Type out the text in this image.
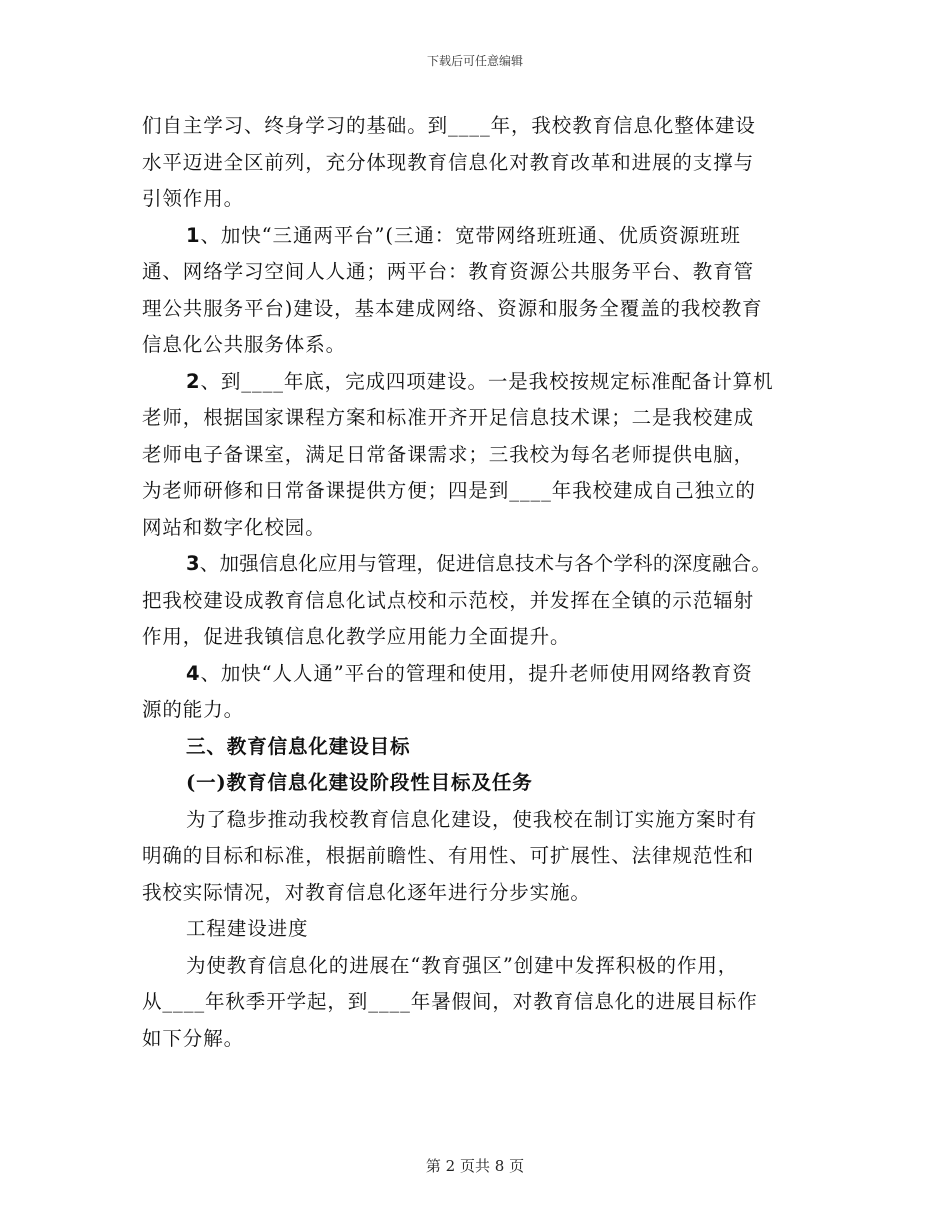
下载后可任意编辑
们自主学习、终身学习的基础。到____年，我校教育信息化整体建设
水平迈进全区前列，充分体现教育信息化对教育改革和进展的支撑与
引领作用。
1、加快“三通两平台”(三通：宽带网络班班通、优质资源班班
通、网络学习空间人人通；两平台：教育资源公共服务平台、教育管
理公共服务平台)建设，基本建成网络、资源和服务全覆盖的我校教育
信息化公共服务体系。
2、到____年底，完成四项建设。一是我校按规定标准配备计算机
老师，根据国家课程方案和标准开齐开足信息技术课；二是我校建成
老师电子备课室，满足日常备课需求；三我校为每名老师提供电脑，
为老师研修和日常备课提供方便；四是到____年我校建成自己独立的
网站和数字化校园。
3、加强信息化应用与管理，促进信息技术与各个学科的深度融合。
把我校建设成教育信息化试点校和示范校，并发挥在全镇的示范辐射
作用，促进我镇信息化教学应用能力全面提升。
4、加快“人人通”平台的管理和使用，提升老师使用网络教育资
源的能力。
三、教育信息化建设目标
(一)教育信息化建设阶段性目标及任务
为了稳步推动我校教育信息化建设，使我校在制订实施方案时有
明确的目标和标准，根据前瞻性、有用性、可扩展性、法律规范性和
我校实际情况，对教育信息化逐年进行分步实施。
工程建设进度
为使教育信息化的进展在“教育强区”创建中发挥积极的作用，
从____年秋季开学起，到____年暑假间，对教育信息化的进展目标作
如下分解。
第 2 页共 8 页
